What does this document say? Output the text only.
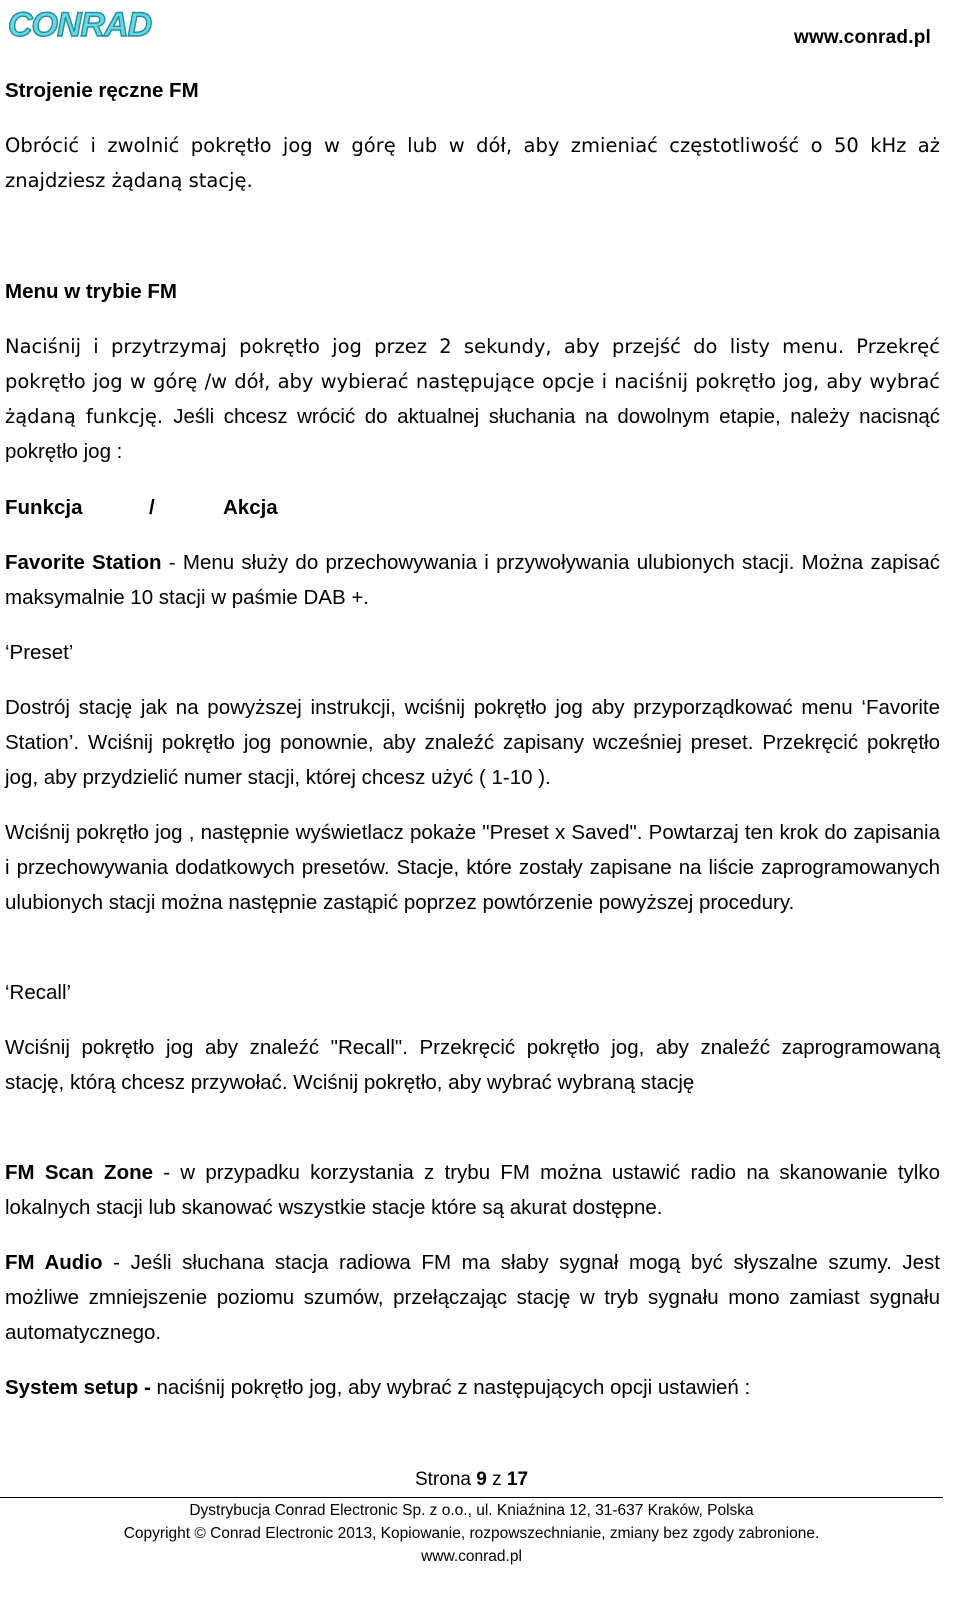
CONRAD	www.conrad.pl
Strojenie ręczne FM
Obrócić i zwolnić pokrętło jog w górę lub w dół, aby zmieniać częstotliwość o 50 kHz aż znajdziesz żądaną stację.
Menu w trybie FM
Naciśnij i przytrzymaj pokrętło jog przez 2 sekundy, aby przejść do listy menu. Przekręć pokrętło jog w górę /w dół, aby wybierać następujące opcje i naciśnij pokrętło jog, aby wybrać żądaną funkcję. Jeśli chcesz wrócić do aktualnej słuchania na dowolnym etapie, należy nacisnąć pokrętło jog :
Funkcja	/	Akcja
Favorite Station - Menu służy do przechowywania i przywoływania ulubionych stacji. Można zapisać maksymalnie 10 stacji w paśmie DAB +.
‘Preset’
Dostrój stację jak na powyższej instrukcji, wciśnij pokrętło jog aby przyporządkować menu ‘Favorite Station’. Wciśnij pokrętło jog ponownie, aby znaleźć zapisany wcześniej preset. Przekręcić pokrętło jog, aby przydzielić numer stacji, której chcesz użyć ( 1-10 ).
Wciśnij pokrętło jog , następnie wyświetlacz pokaże "Preset x Saved". Powtarzaj ten krok do zapisania i przechowywania dodatkowych presetów. Stacje, które zostały zapisane na liście zaprogramowanych ulubionych stacji można następnie zastąpić poprzez powtórzenie powyższej procedury.
‘Recall’
Wciśnij pokrętło jog aby znaleźć "Recall". Przekręcić pokrętło jog, aby znaleźć zaprogramowaną stację, którą chcesz przywołać. Wciśnij pokrętło, aby wybrać wybraną stację
FM Scan Zone - w przypadku korzystania z trybu FM można ustawić radio na skanowanie tylko lokalnych stacji lub skanować wszystkie stacje które są akurat dostępne.
FM Audio - Jeśli słuchana stacja radiowa FM ma słaby sygnał mogą być słyszalne szumy. Jest możliwe zmniejszenie poziomu szumów, przełączając stację w tryb sygnału mono zamiast sygnału automatycznego.
System setup - naciśnij pokrętło jog, aby wybrać z następujących opcji ustawień :
Strona 9 z 17
Dystrybucja Conrad Electronic Sp. z o.o., ul. Kniaźnina 12, 31-637 Kraków, Polska
Copyright © Conrad Electronic 2013, Kopiowanie, rozpowszechnianie, zmiany bez zgody zabronione.
www.conrad.pl
